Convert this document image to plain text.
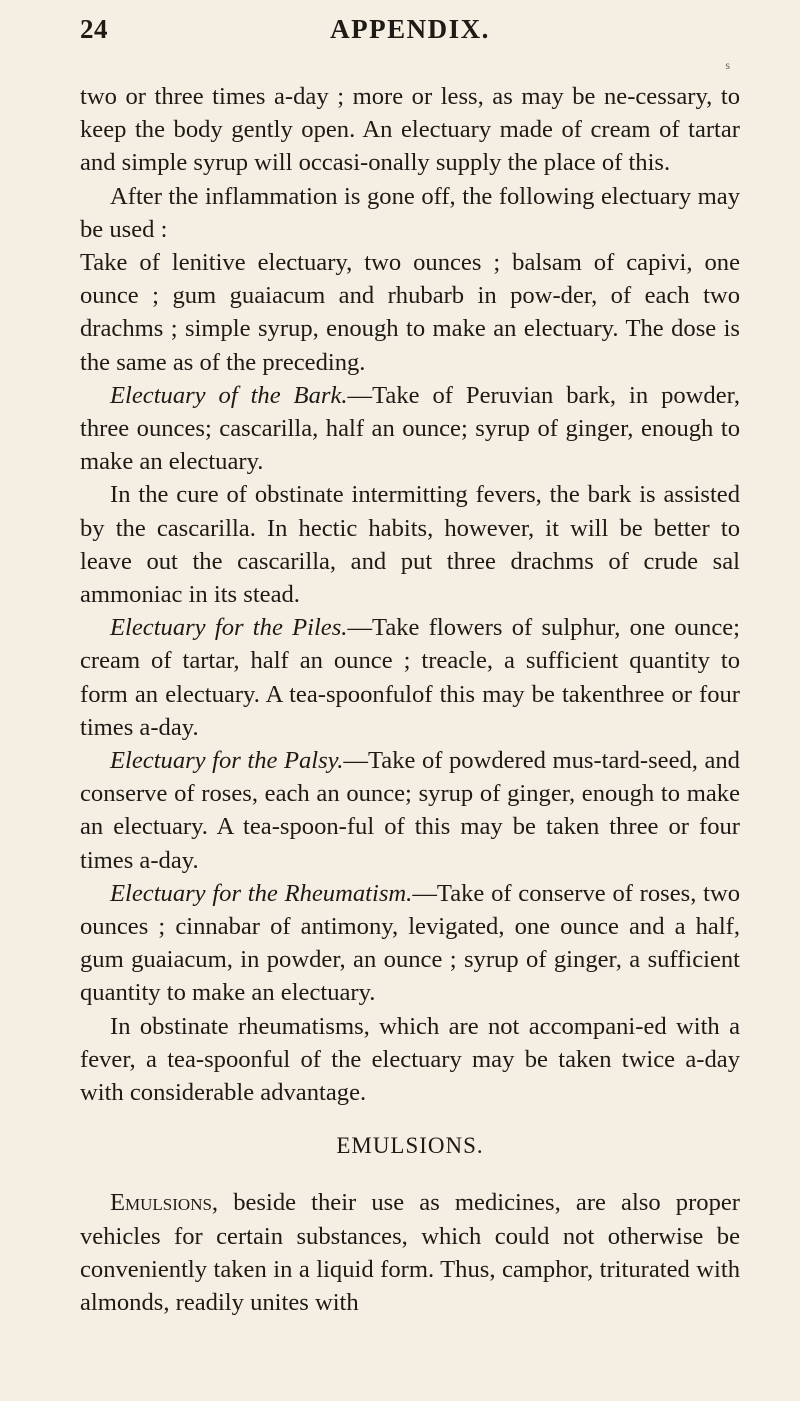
24	APPENDIX.
s

two or three times a-day ; more or less, as may be ne-cessary, to keep the body gently open. An electuary made of cream of tartar and simple syrup will occasi-onally supply the place of this.

After the inflammation is gone off, the following electuary may be used :

Take of lenitive electuary, two ounces ; balsam of capivi, one ounce ; gum guaiacum and rhubarb in pow-der, of each two drachms ; simple syrup, enough to make an electuary. The dose is the same as of the preceding.

Electuary of the Bark.—Take of Peruvian bark, in powder, three ounces; cascarilla, half an ounce; syrup of ginger, enough to make an electuary.

In the cure of obstinate intermitting fevers, the bark is assisted by the cascarilla. In hectic habits, however, it will be better to leave out the cascarilla, and put three drachms of crude sal ammoniac in its stead.

Electuary for the Piles.—Take flowers of sulphur, one ounce; cream of tartar, half an ounce ; treacle, a sufficient quantity to form an electuary. A tea-spoonfulof this may be takenthree or four times a-day.

Electuary for the Palsy.—Take of powdered mus-tard-seed, and conserve of roses, each an ounce; syrup of ginger, enough to make an electuary. A tea-spoon-ful of this may be taken three or four times a-day.

Electuary for the Rheumatism.—Take of conserve of roses, two ounces ; cinnabar of antimony, levigated, one ounce and a half, gum guaiacum, in powder, an ounce ; syrup of ginger, a sufficient quantity to make an electuary.

In obstinate rheumatisms, which are not accompani-ed with a fever, a tea-spoonful of the electuary may be taken twice a-day with considerable advantage.

EMULSIONS.

Emulsions, beside their use as medicines, are also proper vehicles for certain substances, which could not otherwise be conveniently taken in a liquid form. Thus, camphor, triturated with almonds, readily unites with
